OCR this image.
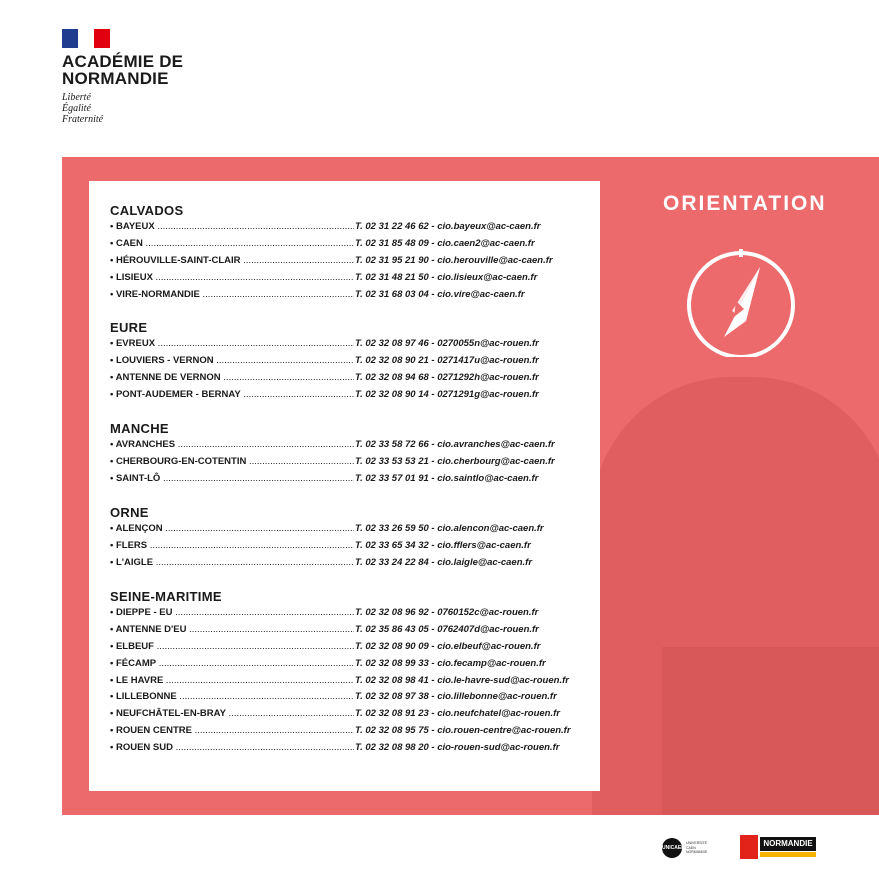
ACADÉMIE DE NORMANDIE
Liberté
Égalité
Fraternité
ORIENTATION
CALVADOS
• BAYEUX .....	T. 02 31 22 46 62 - cio.bayeux@ac-caen.fr
• CAEN .....	T. 02 31 85 48 09 - cio.caen2@ac-caen.fr
• HÉROUVILLE-SAINT-CLAIR .....	T. 02 31 95 21 90 - cio.herouville@ac-caen.fr
• LISIEUX .....	T. 02 31 48 21 50 - cio.lisieux@ac-caen.fr
• VIRE-NORMANDIE .....	T. 02 31 68 03 04 - cio.vire@ac-caen.fr
EURE
• EVREUX .....	T. 02 32 08 97 46 - 0270055n@ac-rouen.fr
• LOUVIERS - VERNON .....	T. 02 32 08 90 21 - 0271417u@ac-rouen.fr
• ANTENNE DE VERNON .....	T. 02 32 08 94 68 - 0271292h@ac-rouen.fr
• PONT-AUDEMER - BERNAY .....	T. 02 32 08 90 14 - 0271291g@ac-rouen.fr
MANCHE
• AVRANCHES .....	T. 02 33 58 72 66 - cio.avranches@ac-caen.fr
• CHERBOURG-EN-COTENTIN .....	T. 02 33 53 53 21 - cio.cherbourg@ac-caen.fr
• SAINT-LÔ .....	T. 02 33 57 01 91 - cio.saintlo@ac-caen.fr
ORNE
• ALENÇON .....	T. 02 33 26 59 50 - cio.alencon@ac-caen.fr
• FLERS .....	T. 02 33 65 34 32 - cio.fflers@ac-caen.fr
• L'AIGLE .....	T. 02 33 24 22 84 - cio.laigle@ac-caen.fr
SEINE-MARITIME
• DIEPPE - EU .....	T. 02 32 08 96 92 - 0760152c@ac-rouen.fr
• ANTENNE D'EU .....	T. 02 35 86 43 05 - 0762407d@ac-rouen.fr
• ELBEUF .....	T. 02 32 08 90 09 - cio.elbeuf@ac-rouen.fr
• FÉCAMP .....	T. 02 32 08 99 33 - cio.fecamp@ac-rouen.fr
• LE HAVRE .....	T. 02 32 08 98 41 - cio.le-havre-sud@ac-rouen.fr
• LILLEBONNE .....	T. 02 32 08 97 38 - cio.lillebonne@ac-rouen.fr
• NEUFCHÂTEL-EN-BRAY .....	T. 02 32 08 91 23 - cio.neufchatel@ac-rouen.fr
• ROUEN CENTRE .....	T. 02 32 08 95 75 - cio.rouen-centre@ac-rouen.fr
• ROUEN SUD .....	T. 02 32 08 98 20 - cio-rouen-sud@ac-rouen.fr
UNICAEN
UNIVERSITÉ
CAEN
NORMANDIE
NORMANDIE
